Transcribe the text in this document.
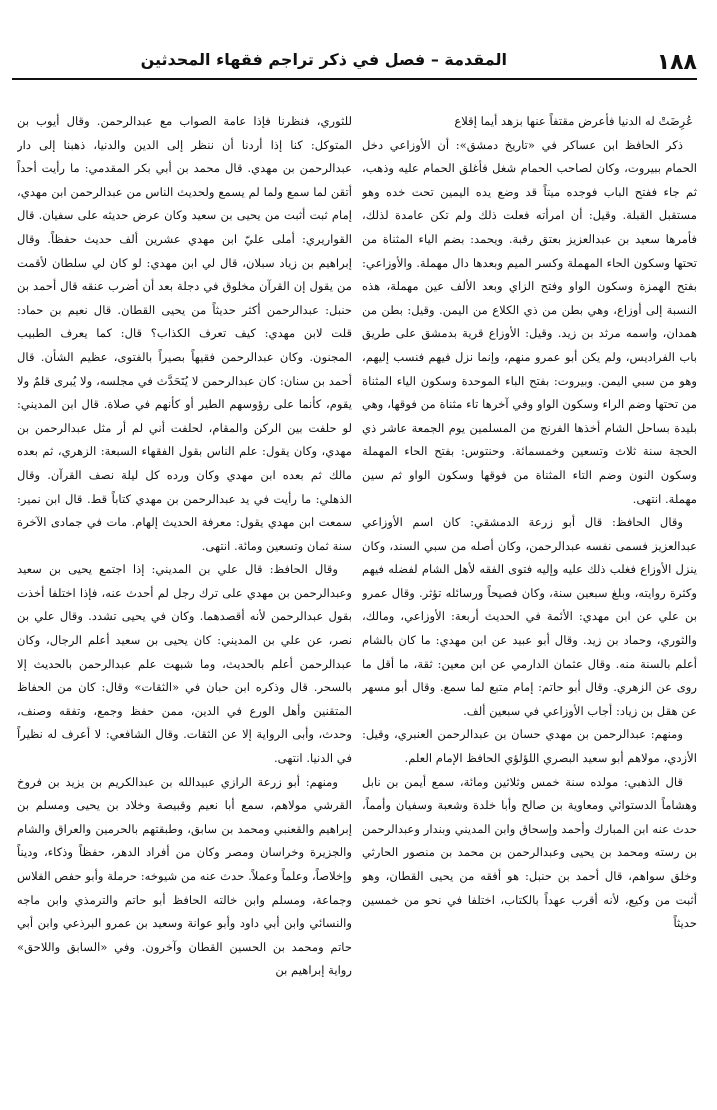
١٨٨
المقدمة – فصل في ذكر تراجم فقهاء المحدثين

عُرِضَتْ له الدنيا فأعرض مقتفاً عنها بزهد أيما إقلاع

ذكر الحافظ ابن عساكر في «تاريخ دمشق»: أن الأوزاعي دخل الحمام ببيروت، وكان لصاحب الحمام شغل فأغلق الحمام عليه وذهب، ثم جاء ففتح الباب فوجده ميتاً قد وضع يده اليمين تحت خده وهو مستقبل القبلة. وقيل: أن امرأته فعلت ذلك ولم تكن عامدة لذلك، فأمرها سعيد بن عبدالعزيز بعتق رقبة. ويحمد: بضم الياء المثناة من تحتها وسكون الحاء المهملة وكسر الميم وبعدها دال مهملة. والأوزاعي: بفتح الهمزة وسكون الواو وفتح الزاي وبعد الألف عين مهملة، هذه النسبة إلى أوزاع، وهي بطن من ذي الكلاع من اليمن. وقيل: بطن من همدان، واسمه مرثد بن زيد. وقيل: الأوزاع قرية بدمشق على طريق باب الفراديس، ولم يكن أبو عمرو منهم، وإنما نزل فيهم فنسب إليهم، وهو من سبي اليمن. وبيروت: بفتح الباء الموحدة وسكون الياء المثناة من تحتها وضم الراء وسكون الواو وفي آخرها تاء مثناة من فوقها، وهي بليدة بساحل الشام أخذها الفرنج من المسلمين يوم الجمعة عاشر ذي الحجة سنة ثلاث وتسعين وخمسمائة. وحنتوس: بفتح الحاء المهملة وسكون النون وضم التاء المثناة من فوقها وسكون الواو ثم سين مهملة. انتهى.

وقال الحافظ: قال أبو زرعة الدمشقي: كان اسم الأوزاعي عبدالعزيز فسمى نفسه عبدالرحمن، وكان أصله من سبي السند، وكان ينزل الأوزاع فغلب ذلك عليه وإليه فتوى الفقه لأهل الشام لفضله فيهم وكثرة روايته، وبلغ سبعين سنة، وكان فصيحاً ورسائله تؤثر. وقال عمرو بن علي عن ابن مهدي: الأئمة في الحديث أربعة: الأوزاعي، ومالك، والثوري، وحماد بن زيد. وقال أبو عبيد عن ابن مهدي: ما كان بالشام أعلم بالسنة منه. وقال عثمان الدارمي عن ابن معين: ثقة، ما أقل ما روى عن الزهري. وقال أبو حاتم: إمام متبع لما سمع. وقال أبو مسهر عن هقل بن زياد: أجاب الأوزاعي في سبعين ألف.

ومنهم: عبدالرحمن بن مهدي حسان بن عبدالرحمن العنبري، وقيل: الأزدي، مولاهم أبو سعيد البصري اللؤلؤي الحافظ الإمام العلم.

قال الذهبي: مولده سنة خمس وثلاثين ومائة، سمع أيمن بن نابل وهشاماً الدستوائي ومعاوية بن صالح وأبا خلدة وشعبة وسفيان وأمماً، حدث عنه ابن المبارك وأحمد وإسحاق وابن المديني وبندار وعبدالرحمن بن رسته ومحمد بن يحيى وعبدالرحمن بن محمد بن منصور الحارثي وخلق سواهم، قال أحمد بن حنبل: هو أفقه من يحيى القطان، وهو أثبت من وكيع، لأنه أقرب عهداً بالكتاب، اختلفا في نحو من خمسين حديثاً

للثوري، فنظرنا فإذا عامة الصواب مع عبدالرحمن. وقال أيوب بن المتوكل: كنا إذا أردنا أن ننظر إلى الدين والدنيا، ذهبنا إلى دار عبدالرحمن بن مهدي. قال محمد بن أبي بكر المقدمي: ما رأيت أحداً أتقن لما سمع ولما لم يسمع ولحديث الناس من عبدالرحمن ابن مهدي، إمام ثبت أثبت من يحيى بن سعيد وكان عرض حديثه على سفيان. قال القواريري: أملى عليّ ابن مهدي عشرين ألف حديث حفظاً. وقال إبراهيم بن زياد سبلان، قال لي ابن مهدي: لو كان لي سلطان لأقمت من يقول إن القرآن مخلوق في دجلة بعد أن أضرب عنقه قال أحمد بن حنبل: عبدالرحمن أكثر حديثاً من يحيى القطان. قال نعيم بن حماد: قلت لابن مهدي: كيف تعرف الكذاب؟ قال: كما يعرف الطبيب المجنون. وكان عبدالرحمن فقيهاً بصيراً بالفتوى، عظيم الشأن. قال أحمد بن سنان: كان عبدالرحمن لا يُتَحَدَّث في مجلسه، ولا يُبرى قلمٌ ولا يقوم، كأنما على رؤوسهم الطير أو كأنهم في صلاة. قال ابن المديني: لو حلفت بين الركن والمقام، لحلفت أني لم أر مثل عبدالرحمن بن مهدي، وكان يقول: علم الناس بقول الفقهاء السبعة: الزهري، ثم بعده مالك ثم بعده ابن مهدي وكان ورده كل ليلة نصف القرآن. وقال الذهلي: ما رأيت في يد عبدالرحمن بن مهدي كتاباً قط. قال ابن نمير: سمعت ابن مهدي يقول: معرفة الحديث إلهام. مات في جمادى الآخرة سنة ثمان وتسعين ومائة. انتهى.

وقال الحافظ: قال علي بن المديني: إذا اجتمع يحيى بن سعيد وعبدالرحمن بن مهدي على ترك رجل لم أحدث عنه، فإذا اختلفا أخذت بقول عبدالرحمن لأنه أقصدهما. وكان في يحيى تشدد. وقال علي بن نصر، عن علي بن المديني: كان يحيى بن سعيد أعلم الرجال، وكان عبدالرحمن أعلم بالحديث، وما شبهت علم عبدالرحمن بالحديث إلا بالسحر. قال وذكره ابن حبان في «الثقات» وقال: كان من الحفاظ المتقنين وأهل الورع في الدين، ممن حفظ وجمع، وتفقه وصنف، وحدث، وأبى الرواية إلا عن الثقات. وقال الشافعي: لا أعرف له نظيراً في الدنيا. انتهى.

ومنهم: أبو زرعة الرازي عبيدالله بن عبدالكريم بن يزيد بن فروخ القرشي مولاهم، سمع أبا نعيم وقبيصة وخلاد بن يحيى ومسلم بن إبراهيم والقعنبي ومحمد بن سابق، وطبقتهم بالحرمين والعراق والشام والجزيرة وخراسان ومصر وكان من أفراد الدهر، حفظاً وذكاء، وديناً وإخلاصاً، وعلماً وعملاً. حدث عنه من شيوخه: حرملة وأبو حفص الفلاس وجماعة، ومسلم وابن خالته الحافظ أبو حاتم والترمذي وابن ماجه والنسائي وابن أبي داود وأبو عوانة وسعيد بن عمرو البرذعي وابن أبي حاتم ومحمد بن الحسين القطان وآخرون. وفي «السابق واللاحق» رواية إبراهيم بن
